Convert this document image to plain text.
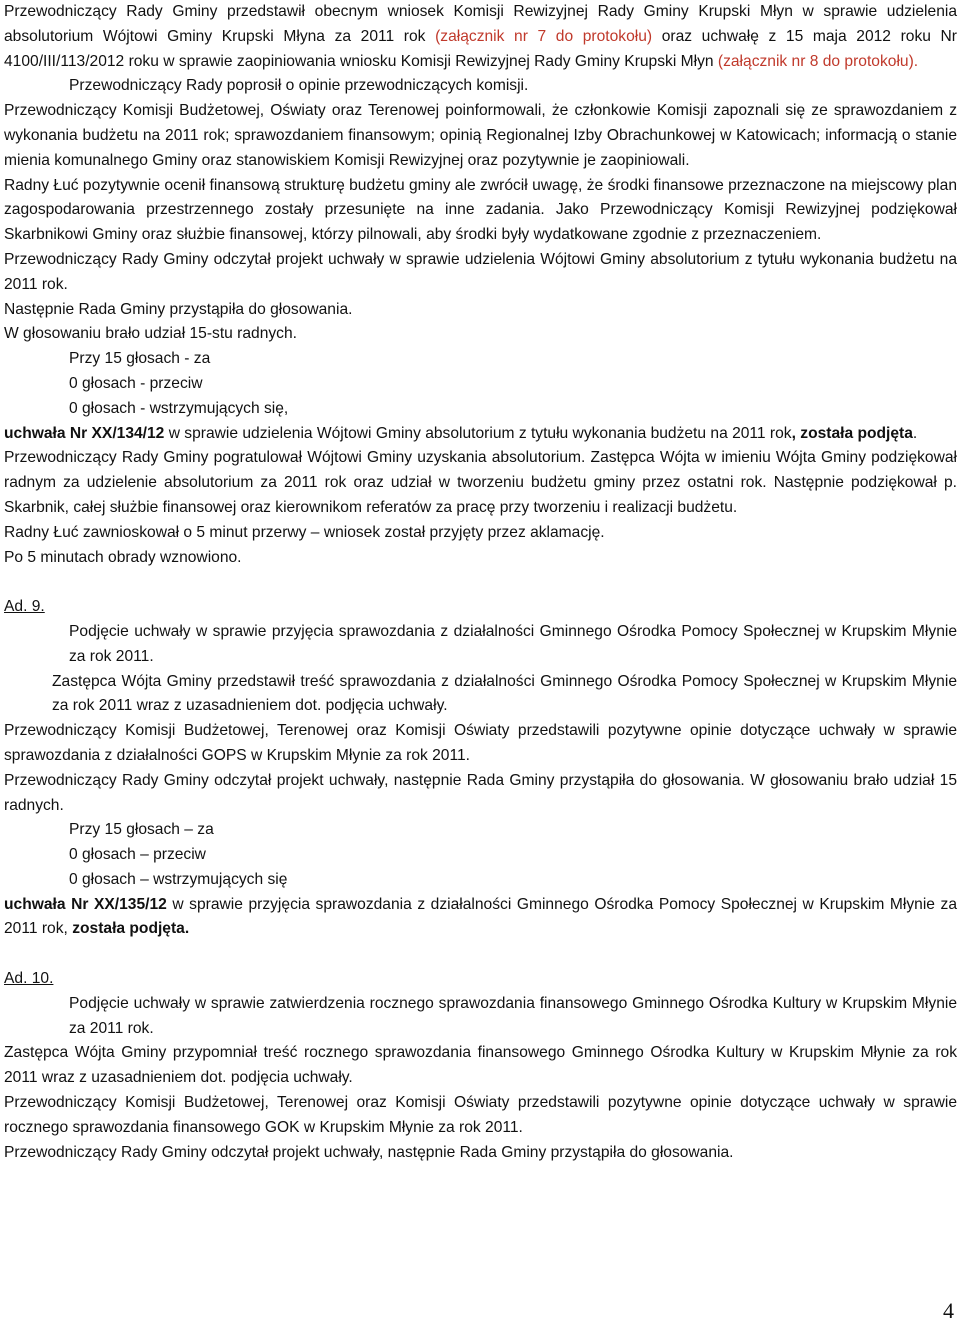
Przewodniczący Rady Gminy przedstawił obecnym wniosek Komisji Rewizyjnej Rady Gminy Krupski Młyn w sprawie udzielenia absolutorium Wójtowi Gminy Krupski Młyna za 2011 rok (załącznik nr 7 do protokołu) oraz uchwałę z 15 maja 2012 roku Nr 4100/III/113/2012 roku w sprawie zaopiniowania wniosku Komisji Rewizyjnej Rady Gminy Krupski Młyn (załącznik nr 8 do protokołu).

Przewodniczący Rady poprosił o opinie przewodniczących komisji.

Przewodniczący Komisji Budżetowej, Oświaty oraz Terenowej poinformowali, że członkowie Komisji zapoznali się ze sprawozdaniem z wykonania budżetu na 2011 rok; sprawozdaniem finansowym; opinią Regionalnej Izby Obrachunkowej w Katowicach; informacją o stanie mienia komunalnego Gminy oraz stanowiskiem Komisji Rewizyjnej oraz pozytywnie je zaopiniowali.

Radny Łuć pozytywnie ocenił finansową strukturę budżetu gminy ale zwrócił uwagę, że środki finansowe przeznaczone na miejscowy plan zagospodarowania przestrzennego zostały przesunięte na inne zadania. Jako Przewodniczący Komisji Rewizyjnej podziękował Skarbnikowi Gminy oraz służbie finansowej, którzy pilnowali, aby środki były wydatkowane zgodnie z przeznaczeniem.

Przewodniczący Rady Gminy odczytał projekt uchwały w sprawie udzielenia Wójtowi Gminy absolutorium z tytułu wykonania budżetu na 2011 rok.

Następnie Rada Gminy przystąpiła do głosowania.

W głosowaniu brało udział 15-stu radnych.

Przy 15 głosach - za

0 głosach - przeciw

0 głosach - wstrzymujących się,

uchwała Nr XX/134/12 w sprawie udzielenia Wójtowi Gminy absolutorium z tytułu wykonania budżetu na 2011 rok, została podjęta.

Przewodniczący Rady Gminy pogratulował Wójtowi Gminy uzyskania absolutorium. Zastępca Wójta w imieniu Wójta Gminy podziękował radnym za udzielenie absolutorium za 2011 rok oraz udział w tworzeniu budżetu gminy przez ostatni rok. Następnie podziękował p. Skarbnik, całej służbie finansowej oraz kierownikom referatów za pracę przy tworzeniu i realizacji budżetu.

Radny Łuć zawnioskował o 5 minut przerwy – wniosek został przyjęty przez aklamację.

Po 5 minutach obrady wznowiono.

Ad. 9.

Podjęcie uchwały w sprawie przyjęcia sprawozdania z działalności Gminnego Ośrodka Pomocy Społecznej w Krupskim Młynie za rok 2011.

Zastępca Wójta Gminy przedstawił treść sprawozdania z działalności Gminnego Ośrodka Pomocy Społecznej w Krupskim Młynie za rok 2011 wraz z uzasadnieniem dot. podjęcia uchwały.

Przewodniczący Komisji Budżetowej, Terenowej oraz Komisji Oświaty przedstawili pozytywne opinie dotyczące uchwały w sprawie sprawozdania z działalności GOPS w Krupskim Młynie za rok 2011.

Przewodniczący Rady Gminy odczytał projekt uchwały, następnie Rada Gminy przystąpiła do głosowania. W głosowaniu brało udział 15 radnych.

Przy 15 głosach – za

0 głosach – przeciw

0 głosach – wstrzymujących się

uchwała Nr XX/135/12 w sprawie przyjęcia sprawozdania z działalności Gminnego Ośrodka Pomocy Społecznej w Krupskim Młynie za 2011 rok, została podjęta.

Ad. 10.

Podjęcie uchwały w sprawie zatwierdzenia rocznego sprawozdania finansowego Gminnego Ośrodka Kultury w Krupskim Młynie za 2011 rok.

Zastępca Wójta Gminy przypomniał treść rocznego sprawozdania finansowego Gminnego Ośrodka Kultury w Krupskim Młynie za rok 2011 wraz z uzasadnieniem dot. podjęcia uchwały.

Przewodniczący Komisji Budżetowej, Terenowej oraz Komisji Oświaty przedstawili pozytywne opinie dotyczące uchwały w sprawie rocznego sprawozdania finansowego GOK w Krupskim Młynie za rok 2011.

Przewodniczący Rady Gminy odczytał projekt uchwały, następnie Rada Gminy przystąpiła do głosowania.

4
